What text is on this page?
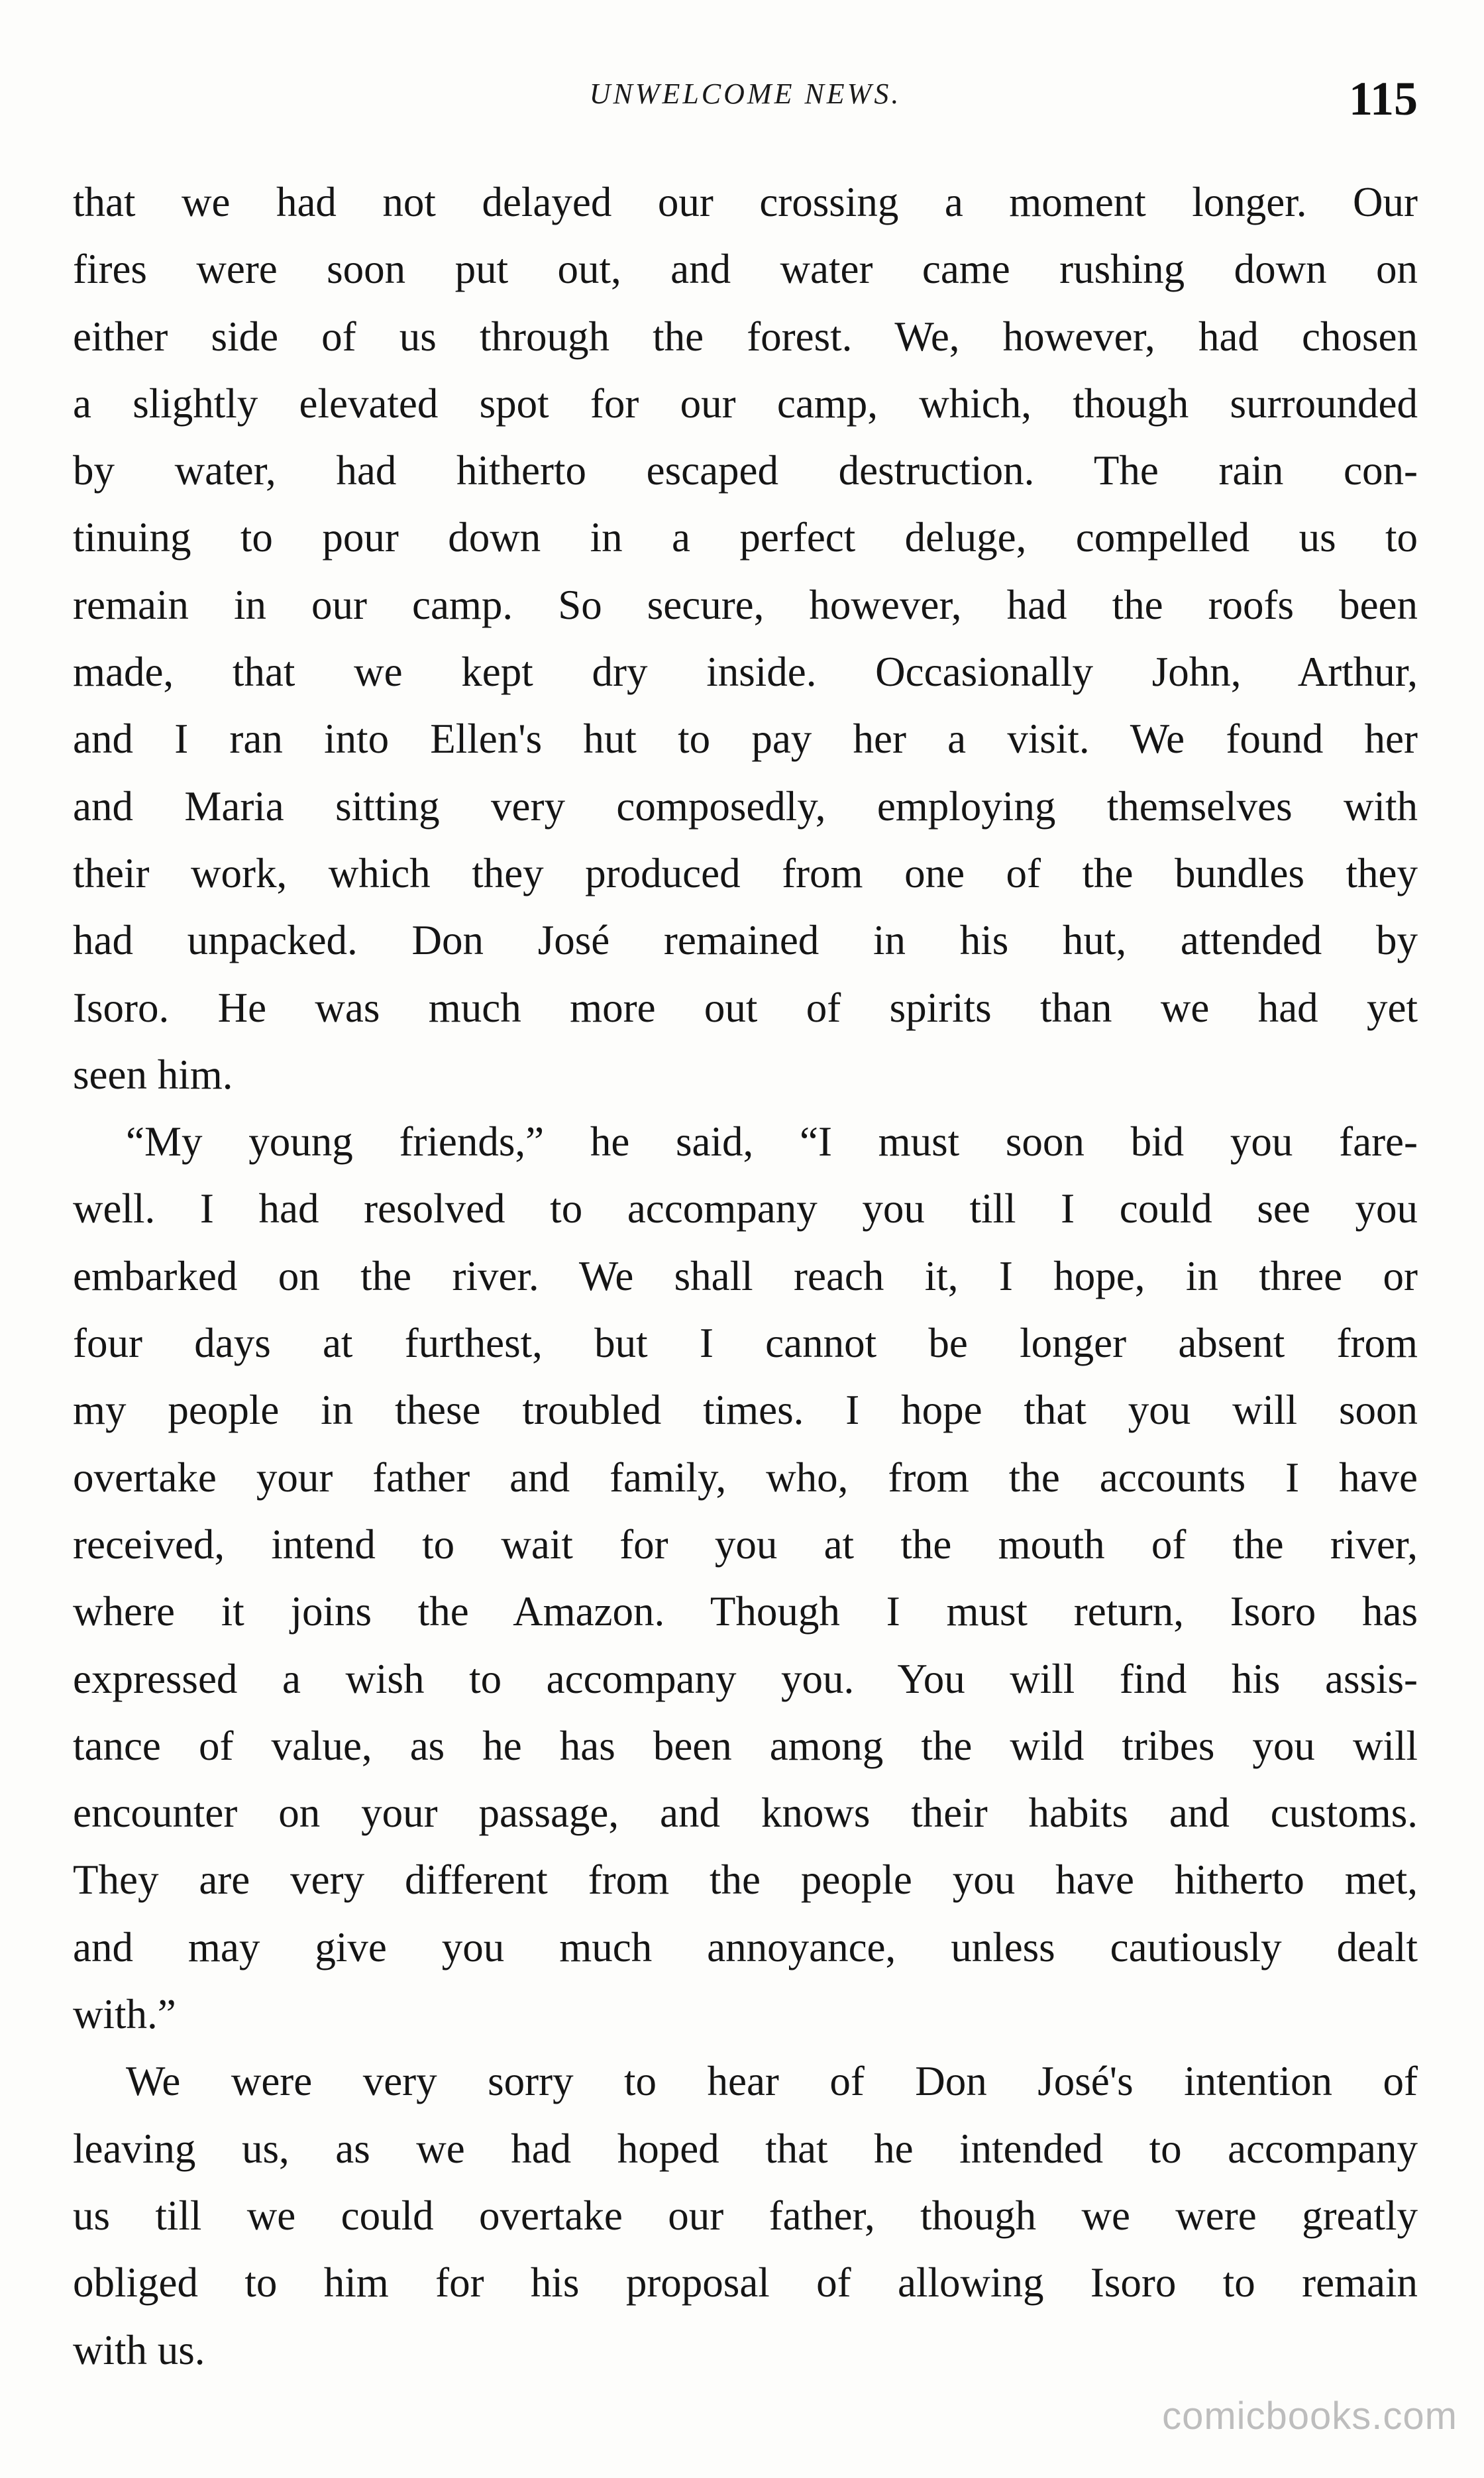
UNWELCOME NEWS.	115
that we had not delayed our crossing a moment longer. Our
fires were soon put out, and water came rushing down on
either side of us through the forest. We, however, had chosen
a slightly elevated spot for our camp, which, though surrounded
by water, had hitherto escaped destruction. The rain con-
tinuing to pour down in a perfect deluge, compelled us to
remain in our camp. So secure, however, had the roofs been
made, that we kept dry inside. Occasionally John, Arthur,
and I ran into Ellen's hut to pay her a visit. We found her
and Maria sitting very composedly, employing themselves with
their work, which they produced from one of the bundles they
had unpacked. Don José remained in his hut, attended by
Isoro. He was much more out of spirits than we had yet
seen him.
“My young friends,” he said, “I must soon bid you fare-
well. I had resolved to accompany you till I could see you
embarked on the river. We shall reach it, I hope, in three or
four days at furthest, but I cannot be longer absent from
my people in these troubled times. I hope that you will soon
overtake your father and family, who, from the accounts I have
received, intend to wait for you at the mouth of the river,
where it joins the Amazon. Though I must return, Isoro has
expressed a wish to accompany you. You will find his assis-
tance of value, as he has been among the wild tribes you will
encounter on your passage, and knows their habits and customs.
They are very different from the people you have hitherto met,
and may give you much annoyance, unless cautiously dealt
with.”
We were very sorry to hear of Don José's intention of
leaving us, as we had hoped that he intended to accompany
us till we could overtake our father, though we were greatly
obliged to him for his proposal of allowing Isoro to remain
with us.
comicbooks.com
